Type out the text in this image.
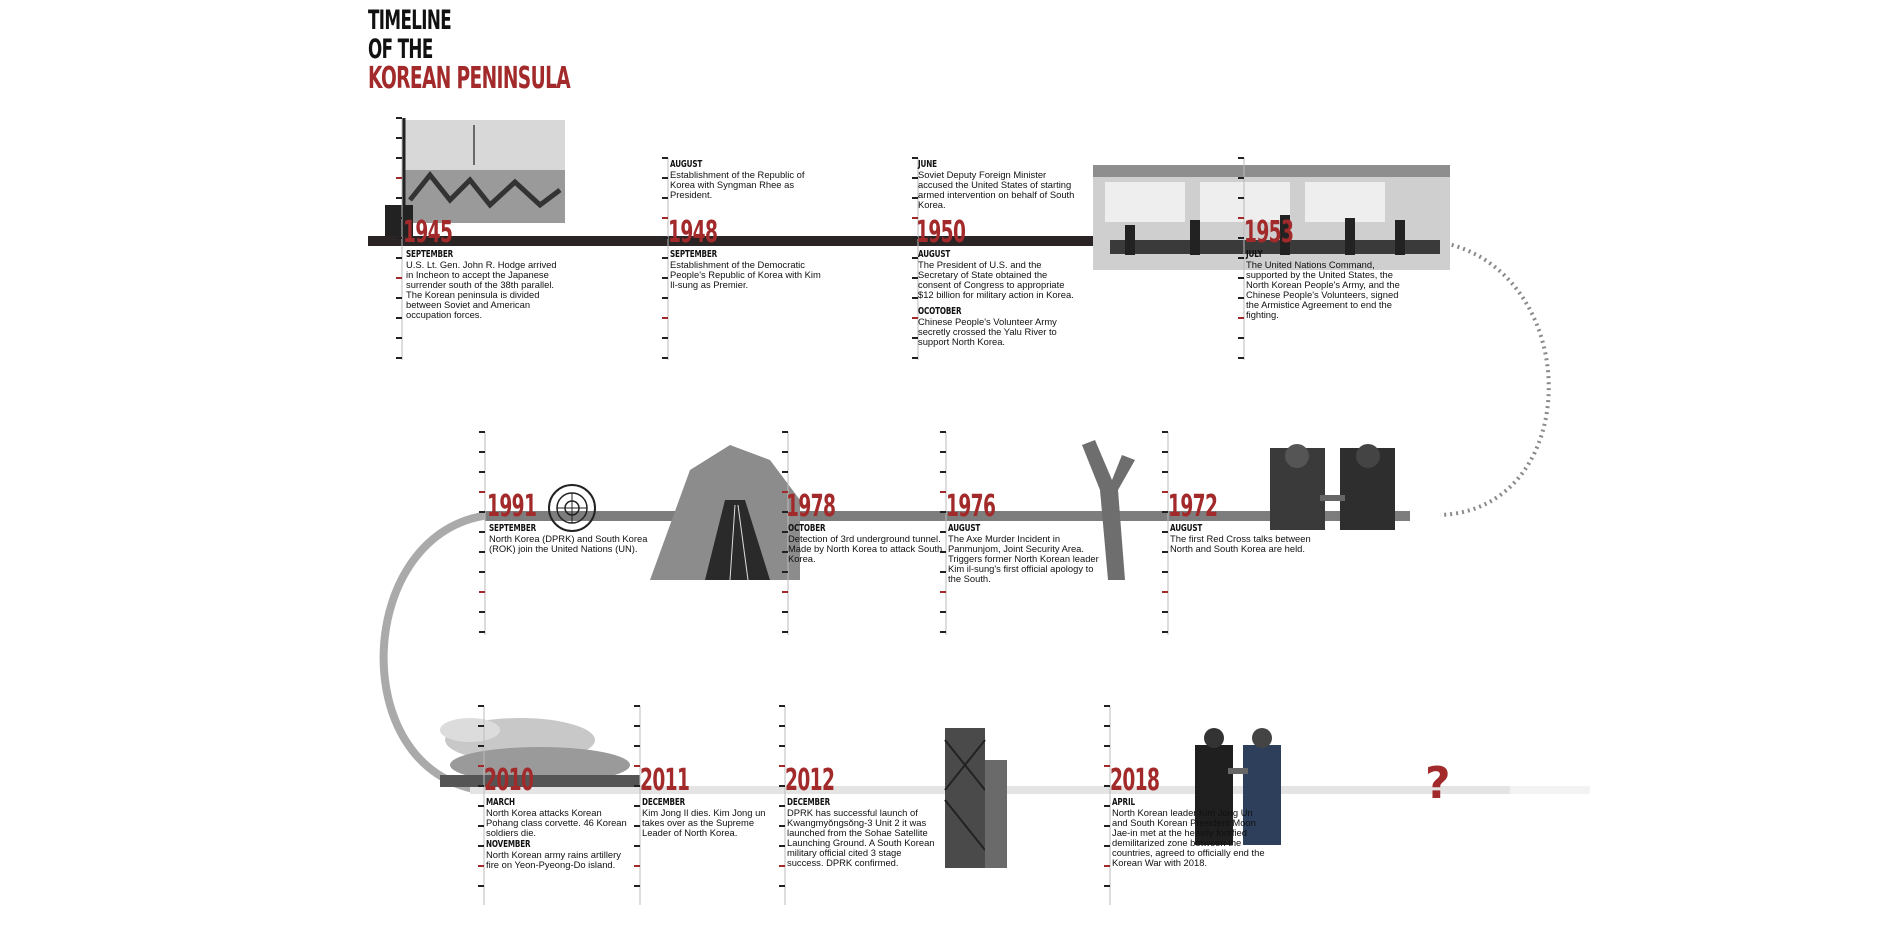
TIMELINE
OF THE
KOREAN PENINSULA
1945
SEPTEMBER
U.S. Lt. Gen. John R. Hodge arrived in Incheon to accept the Japanese surrender south of the 38th parallel. The Korean peninsula is divided between Soviet and American occupation forces.
AUGUST
Establishment of the Republic of Korea with Syngman Rhee as President.
1948
SEPTEMBER
Establishment of the Democratic People's Republic of Korea with Kim Il-sung as Premier.
JUNE
Soviet Deputy Foreign Minister accused the United States of starting armed intervention on behalf of South Korea.
1950
AUGUST
The President of U.S. and the Secretary of State obtained the consent of Congress to appropriate $12 billion for military action in Korea.
OCOTOBER
Chinese People's Volunteer Army secretly crossed the Yalu River to support North Korea.
1953
JULY
The United Nations Command, supported by the United States, the North Korean People's Army, and the Chinese People's Volunteers, signed the Armistice Agreement to end the fighting.
1972
AUGUST
The first Red Cross talks between North and South Korea are held.
1976
AUGUST
The Axe Murder Incident in Panmunjom, Joint Security Area. Triggers former North Korean leader Kim il-sung's first official apology to the South.
1978
OCTOBER
Detection of 3rd underground tunnel. Made by North Korea to attack South Korea.
1991
SEPTEMBER
North Korea (DPRK) and South Korea (ROK) join the United Nations (UN).
2010
MARCH
North Korea attacks Korean Pohang class corvette. 46 Korean soldiers die.
NOVEMBER
North Korean army rains artillery fire on Yeon-Pyeong-Do island.
2011
DECEMBER
Kim Jong Il dies. Kim Jong un takes over as the Supreme Leader of North Korea.
2012
DECEMBER
DPRK has successful launch of Kwangmyŏngsŏng-3 Unit 2 it was launched from the Sohae Satellite Launching Ground. A South Korean military official cited 3 stage success. DPRK confirmed.
2018
APRIL
North Korean leader Kim Jong Un and South Korean President Moon Jae-in met at the heavily fortified demilitarized zone between the countries, agreed to officially end the Korean War with 2018.
?
